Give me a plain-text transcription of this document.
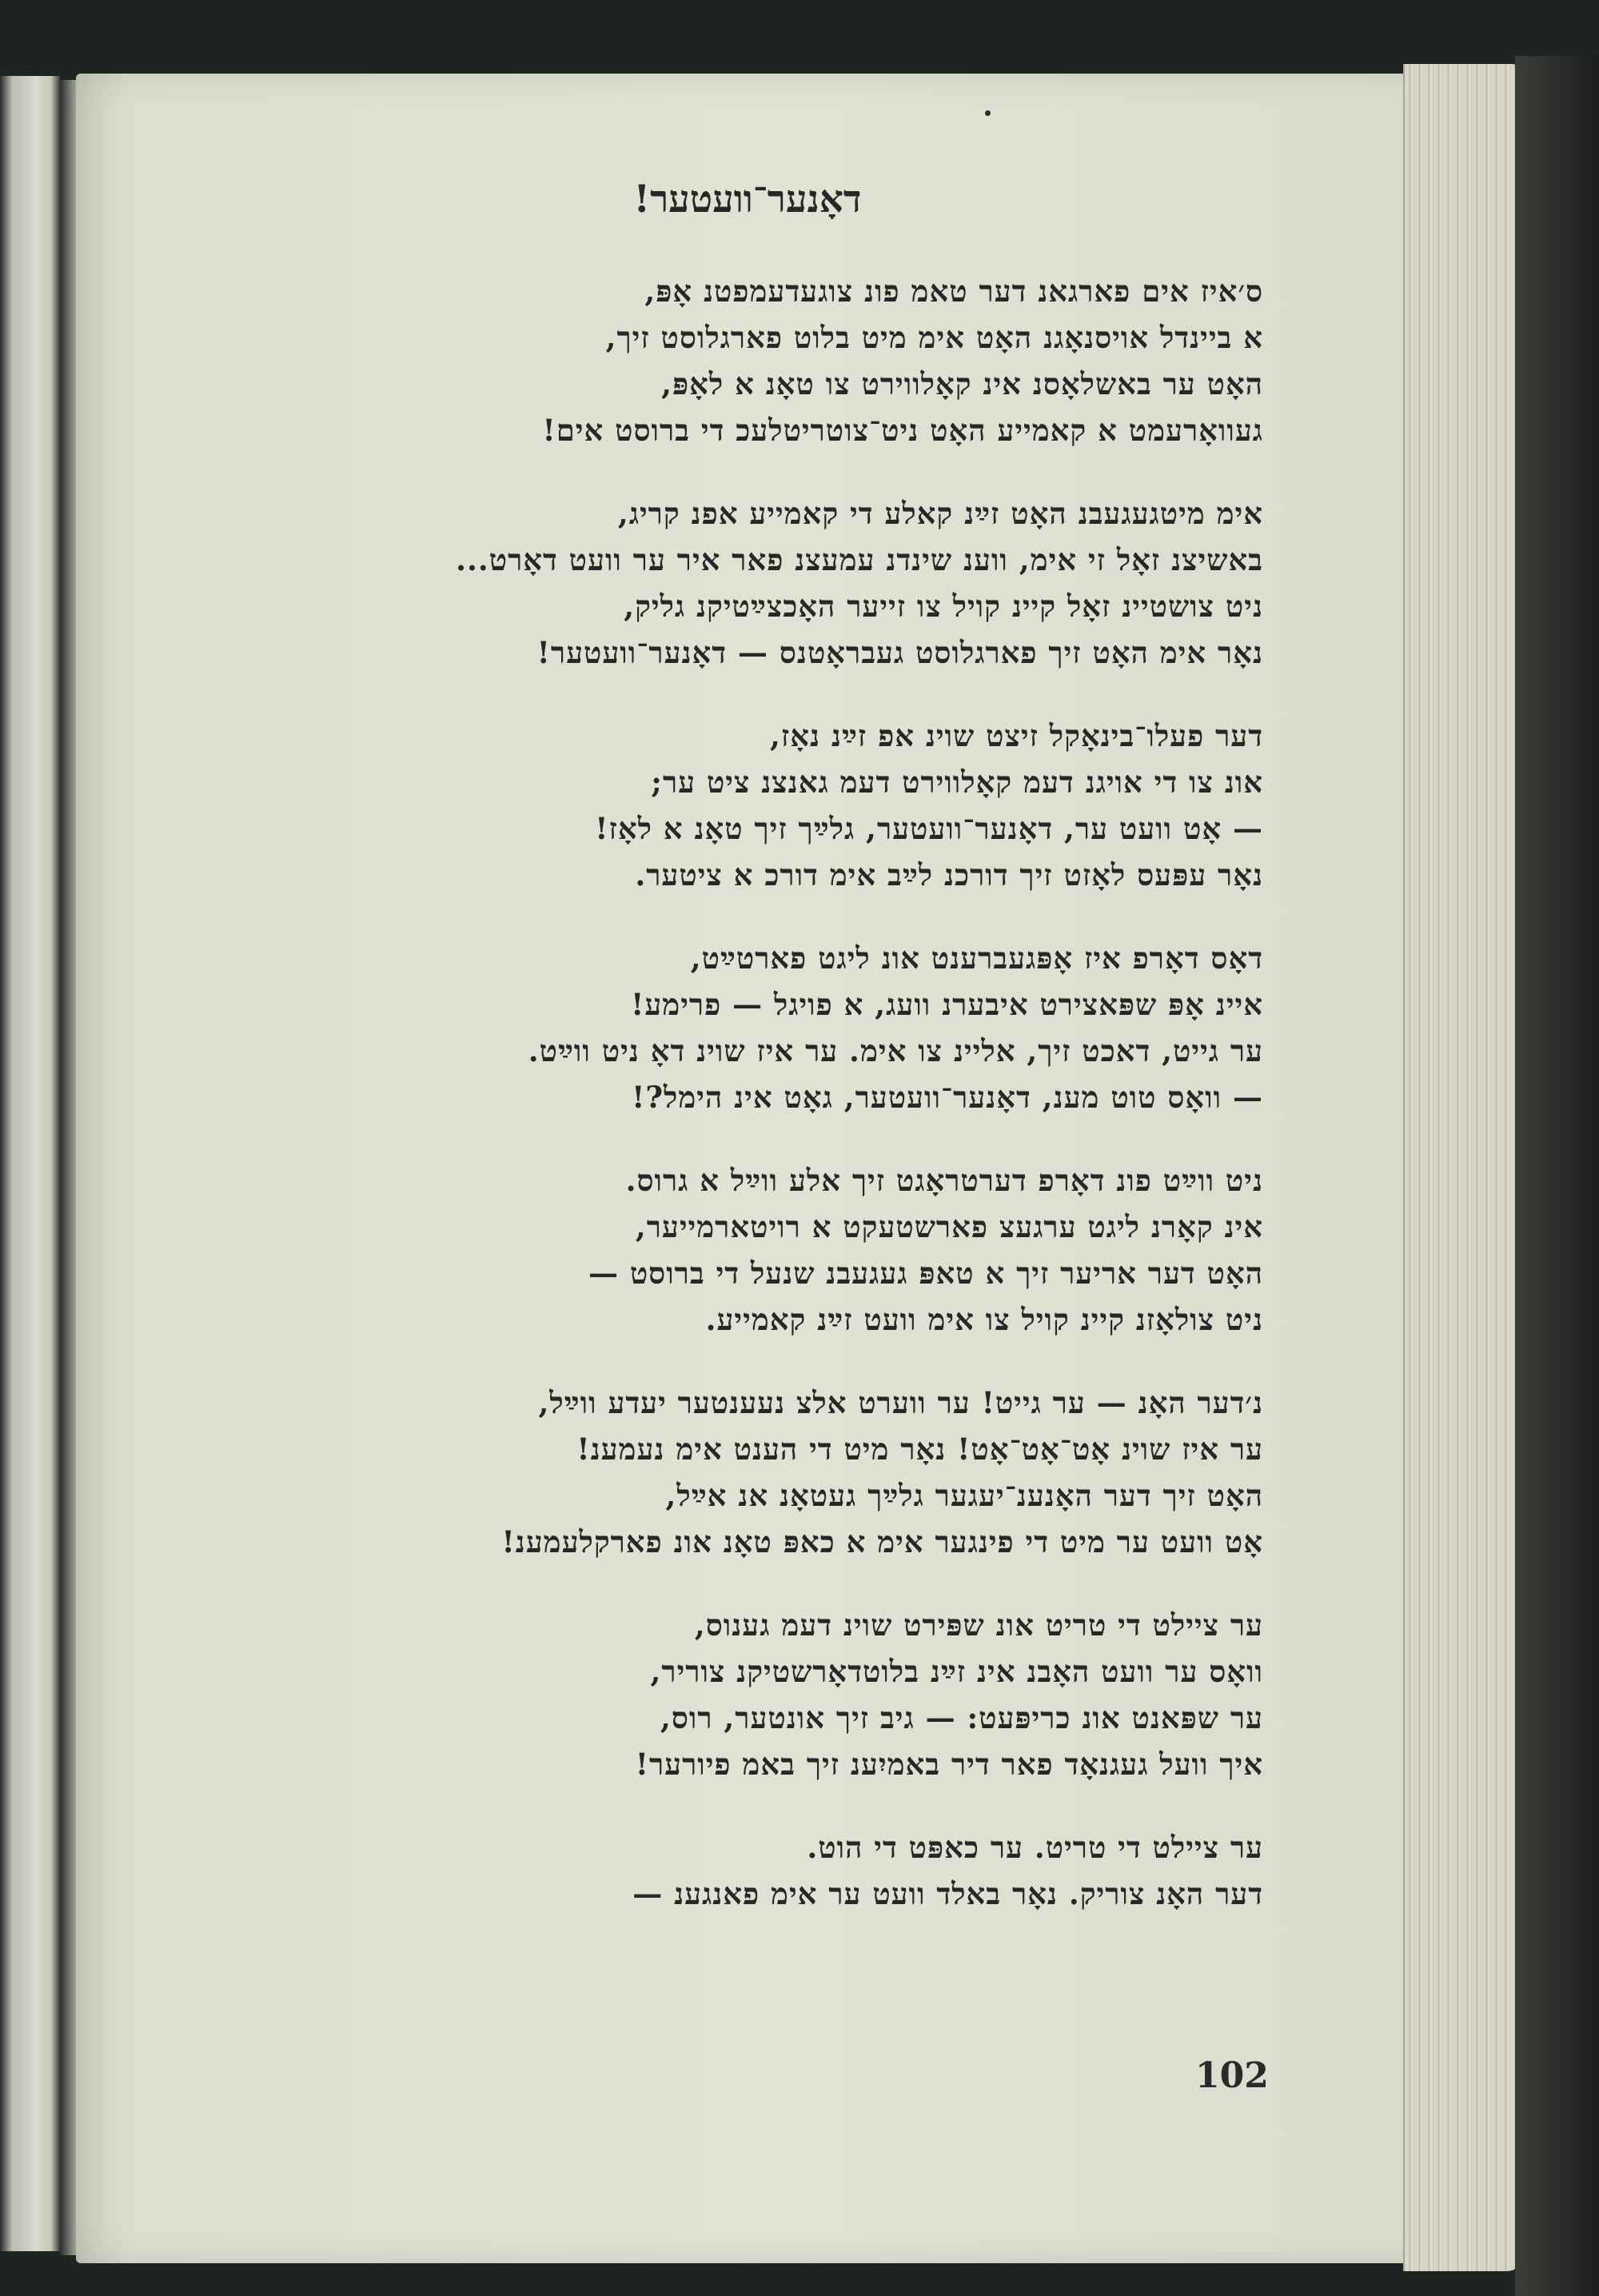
דאָנער־וועטער!
ס׳איז אים פארגאנ דער טאמ פונ צוגעדעמפטנ אָפּ,
א ביינדל אויסנאָגנ האָט אימ מיט בלוט פארגלוסט זיך,
האָט ער באשלאָסנ אינ קאָלווירט צו טאָנ א לאָפּ,
געוואָרעמט א קאמייע האָט ניט־צוטריטלעכ די ברוסט אים!
אימ מיטגעגעבנ האָט זײַנ קאלע די קאמייע אפנ קריג,
באשיצנ זאָל זי אימ, ווענ שינדנ עמעצנ פאר איר ער וועט דאָרט...
ניט צושטיינ זאָל קיינ קויל צו זייער האָכצײַטיקנ גליק,
נאָר אימ האָט זיך פארגלוסט געבראָטנס — דאָנער־וועטער!
דער פעלו־בינאָקל זיצט שוינ אפ זײַנ נאָז,
אונ צו די אויגנ דעמ קאָלווירט דעמ גאנצנ ציט ער;
— אָט וועט ער, דאָנער־וועטער, גלײַך זיך טאָנ א לאָז!
נאָר עפּעס לאָזט זיך דורכנ לײַב אימ דורכ א ציטער.
דאָס דאָרפ איז אָפּגעברענט אונ ליגט פארטײַט,
איינ אָפּ שפּאצירט איבערנ וועג, א פויגל — פרימע!
ער גייט, דאכט זיך, אליינ צו אימ. ער איז שוינ דאָ ניט ווײַט.
— וואָס טוט מענ, דאָנער־וועטער, גאָט אינ הימל?!
ניט ווײַט פונ דאָרפ דערטראָגט זיך אלע ווײַל א גרוס.
אינ קאָרנ ליגט ערגעצ פארשטעקט א רויטארמייער,
האָט דער אריער זיך א טאפּ געגעבנ שנעל די ברוסט —
ניט צולאָזנ קיינ קויל צו אימ וועט זײַנ קאמייע.
נ׳דער האָנ — ער גייט! ער ווערט אלצ נעענטער יעדע ווײַל,
ער איז שוינ אָט־אָט־אָט! נאָר מיט די הענט אימ נעמענ!
האָט זיך דער האָנענ־יעגער גלײַך געטאָנ אנ אײַל,
אָט וועט ער מיט די פינגער אימ א כאפּ טאָנ אונ פארקלעמענ!
ער ציילט די טריט אונ שפּירט שוינ דעמ גענוס,
וואָס ער וועט האָבנ אינ זײַנ בלוטדאָרשטיקנ צוריר,
ער שפּאנט אונ כריפּעט: — גיב זיך אונטער, רוס,
איך וועל געגנאָד פאר דיר באמיִענ זיך באמ פיורער!
ער ציילט די טריט. ער כאפּט די הוט.
דער האָנ צוריק. נאָר באלד וועט ער אימ פאנגענ —
102
